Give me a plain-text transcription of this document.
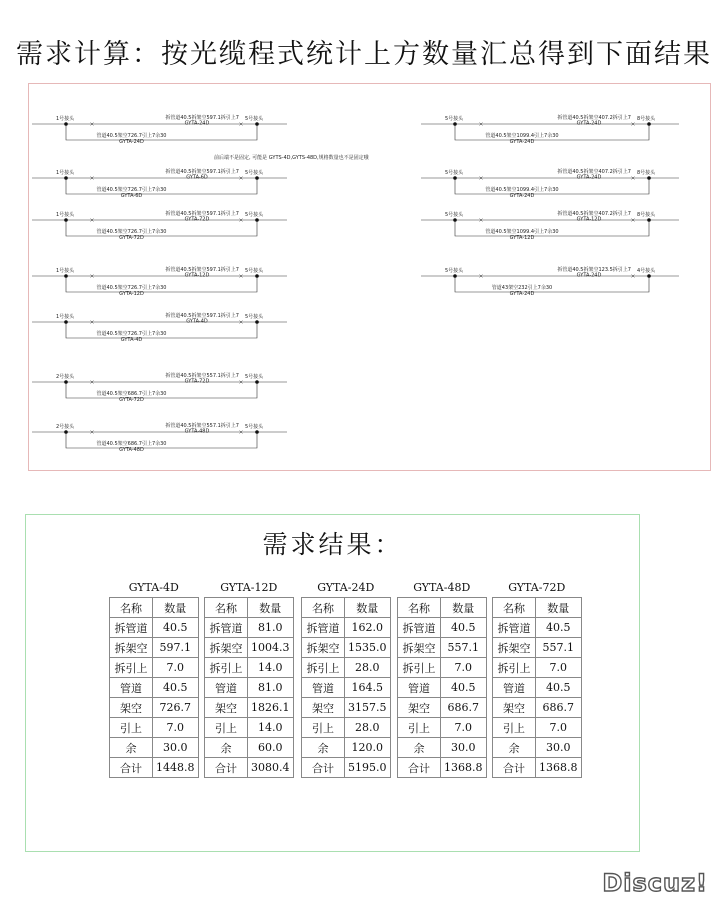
需求计算：按光缆程式统计上方数量汇总得到下面结果
1号接头	5号接头
拆管道40.5拆架空597.1拆引上7
GYTA-24D
管道40.5架空726.7引上7余30
GYTA-24D
1号接头	5号接头
拆管道40.5拆架空597.1拆引上7
GYTA-6D
管道40.5架空726.7引上7余30
GYTA-6D
1号接头	5号接头
拆管道40.5拆架空597.1拆引上7
GYTA-72D
管道40.5架空726.7引上7余30
GYTA-72D
1号接头	5号接头
拆管道40.5拆架空597.1拆引上7
GYTA-12D
管道40.5架空726.7引上7余30
GYTA-12D
1号接头	5号接头
拆管道40.5拆架空597.1拆引上7
GYTA-4D
管道40.5架空726.7引上7余30
GYTA-4D
2号接头	5号接头
拆管道40.5拆架空557.1拆引上7
GYTA-72D
管道40.5架空686.7引上7余30
GYTA-72D
2号接头	5号接头
拆管道40.5拆架空557.1拆引上7
GYTA-48D
管道40.5架空686.7引上7余30
GYTA-48D
5号接头	8号接头
拆管道40.5拆架空407.2拆引上7
GYTA-24D
管道40.5架空1099.4引上7余30
GYTA-24D
5号接头	8号接头
拆管道40.5拆架空407.2拆引上7
GYTA-24D
管道40.5架空1099.4引上7余30
GYTA-24D
5号接头	8号接头
拆管道40.5拆架空407.2拆引上7
GYTA-12D
管道40.5架空1099.4引上7余30
GYTA-12D
5号接头	4号接头
拆管道40.5拆架空123.5拆引上7
GYTA-24D
管道43架空232引上7余30
GYTA-24D
前后端不是固定, 可能是 GYTS-4D,GYTS-48D,规格数量也不是固定哦
需求结果：
GYTA-4D
名称	数量
拆管道	40.5
拆架空	597.1
拆引上	7.0
管道	40.5
架空	726.7
引上	7.0
余	30.0
合计	1448.8
GYTA-12D
名称	数量
拆管道	81.0
拆架空	1004.3
拆引上	14.0
管道	81.0
架空	1826.1
引上	14.0
余	60.0
合计	3080.4
GYTA-24D
名称	数量
拆管道	162.0
拆架空	1535.0
拆引上	28.0
管道	164.5
架空	3157.5
引上	28.0
余	120.0
合计	5195.0
GYTA-48D
名称	数量
拆管道	40.5
拆架空	557.1
拆引上	7.0
管道	40.5
架空	686.7
引上	7.0
余	30.0
合计	1368.8
GYTA-72D
名称	数量
拆管道	40.5
拆架空	557.1
拆引上	7.0
管道	40.5
架空	686.7
引上	7.0
余	30.0
合计	1368.8
Discuz!
